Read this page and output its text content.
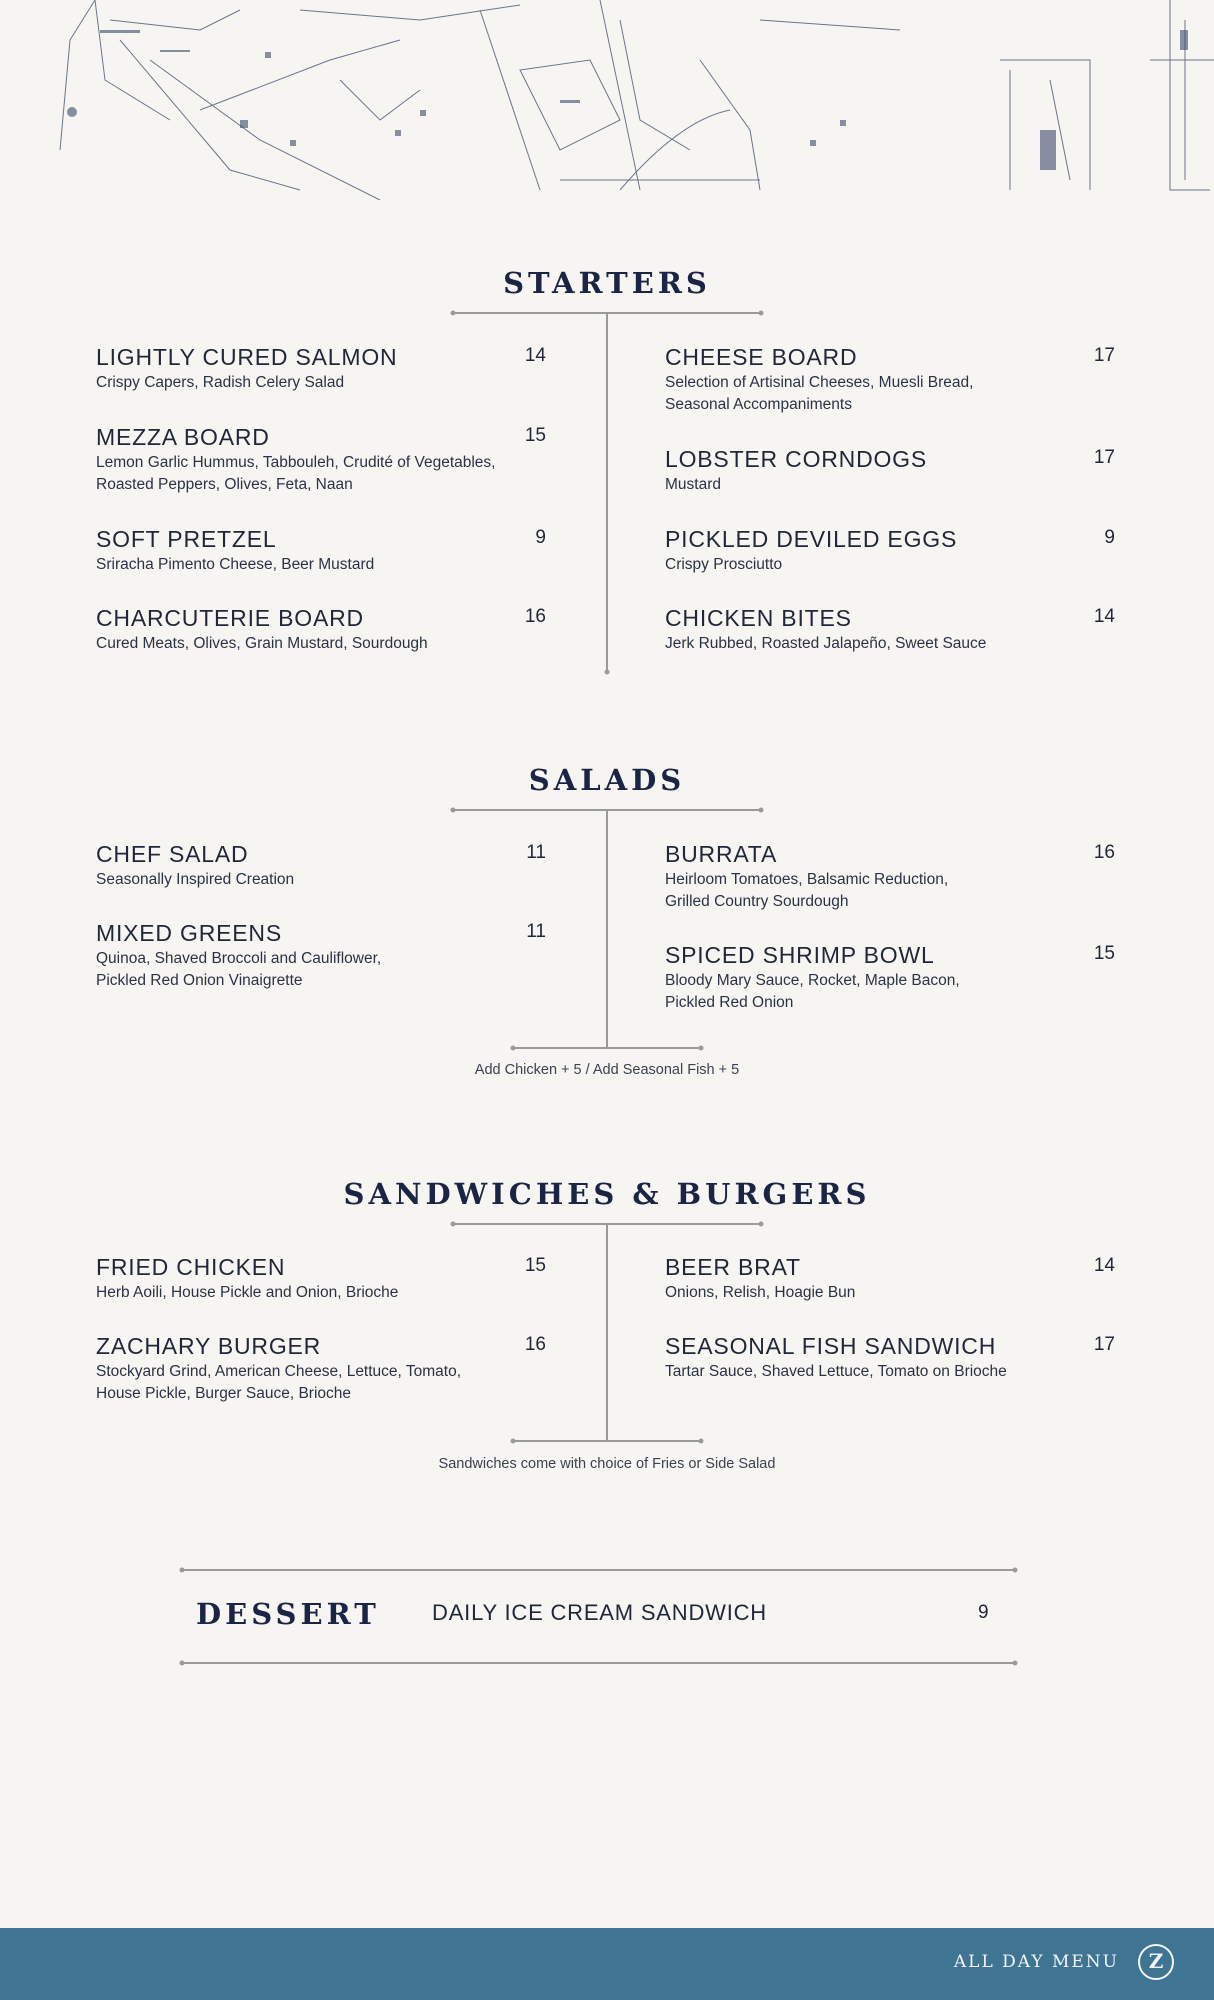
STARTERS
LIGHTLY CURED SALMON	14
Crispy Capers, Radish Celery Salad
MEZZA BOARD	15
Lemon Garlic Hummus, Tabbouleh, Crudité of Vegetables,
Roasted Peppers, Olives, Feta, Naan
SOFT PRETZEL	9
Sriracha Pimento Cheese, Beer Mustard
CHARCUTERIE BOARD	16
Cured Meats, Olives, Grain Mustard, Sourdough
CHEESE BOARD	17
Selection of Artisinal Cheeses, Muesli Bread,
Seasonal Accompaniments
LOBSTER CORNDOGS	17
Mustard
PICKLED DEVILED EGGS	9
Crispy Prosciutto
CHICKEN BITES	14
Jerk Rubbed, Roasted Jalapeño, Sweet Sauce
SALADS
CHEF SALAD	11
Seasonally Inspired Creation
MIXED GREENS	11
Quinoa, Shaved Broccoli and Cauliflower,
Pickled Red Onion Vinaigrette
BURRATA	16
Heirloom Tomatoes, Balsamic Reduction,
Grilled Country Sourdough
SPICED SHRIMP BOWL	15
Bloody Mary Sauce, Rocket, Maple Bacon,
Pickled Red Onion
Add Chicken + 5 / Add Seasonal Fish + 5
SANDWICHES & BURGERS
FRIED CHICKEN	15
Herb Aoili, House Pickle and Onion, Brioche
ZACHARY BURGER	16
Stockyard Grind, American Cheese, Lettuce, Tomato,
House Pickle, Burger Sauce, Brioche
BEER BRAT	14
Onions, Relish, Hoagie Bun
SEASONAL FISH SANDWICH	17
Tartar Sauce, Shaved Lettuce, Tomato on Brioche
Sandwiches come with choice of Fries or Side Salad
DESSERT DAILY ICE CREAM SANDWICH	9
ALL DAY MENU	Z
